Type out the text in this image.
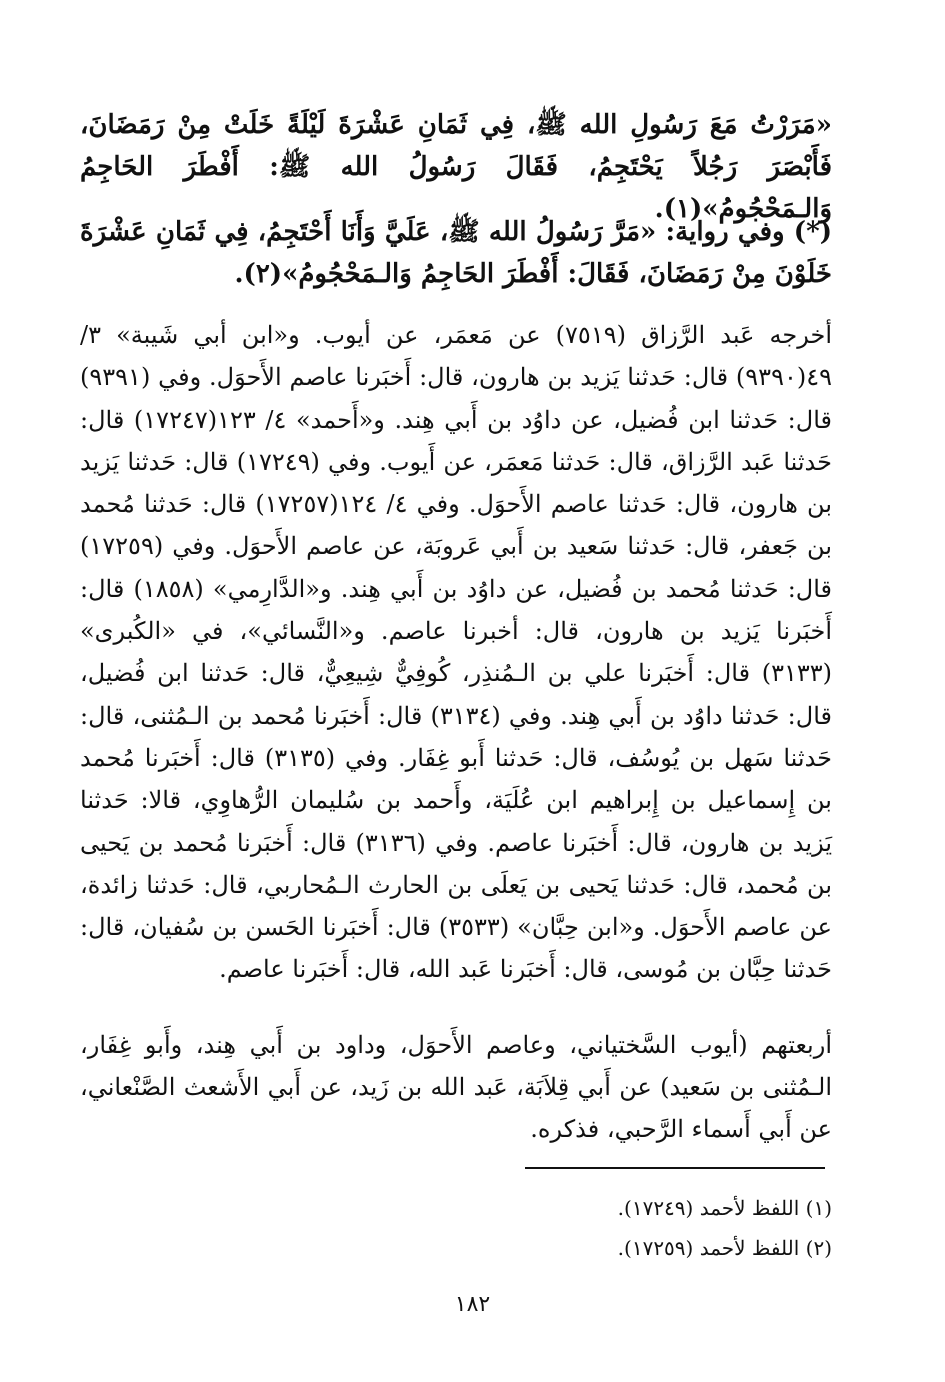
«مَرَرْتُ مَعَ رَسُولِ الله ﷺ، فِي ثَمَانِ عَشْرَةَ لَيْلَةً خَلَتْ مِنْ رَمَضَانَ، فَأَبْصَرَ رَجُلاً يَحْتَجِمُ، فَقَالَ رَسُولُ الله ﷺ: أَفْطَرَ الحَاجِمُ وَالـمَحْجُومُ»(١).

(*) وفي رواية: «مَرَّ رَسُولُ الله ﷺ، عَلَيَّ وَأَنَا أَحْتَجِمُ، فِي ثَمَانِ عَشْرَةَ خَلَوْنَ مِنْ رَمَضَانَ، فَقَالَ: أَفْطَرَ الحَاجِمُ وَالـمَحْجُومُ»(٢).

أخرجه عَبد الرَّزاق (٧٥١٩) عن مَعمَر، عن أيوب. و«ابن أبي شَيبة» ٣/ ٤٩(٩٣٩٠) قال: حَدثنا يَزيد بن هارون، قال: أَخبَرنا عاصم الأَحوَل. وفي (٩٣٩١) قال: حَدثنا ابن فُضيل، عن داوُد بن أَبي هِند. و«أَحمد» ٤/ ١٢٣(١٧٢٤٧) قال: حَدثنا عَبد الرَّزاق، قال: حَدثنا مَعمَر، عن أَيوب. وفي (١٧٢٤٩) قال: حَدثنا يَزيد بن هارون، قال: حَدثنا عاصم الأَحوَل. وفي ٤/ ١٢٤(١٧٢٥٧) قال: حَدثنا مُحمد بن جَعفر، قال: حَدثنا سَعيد بن أَبي عَروبَة، عن عاصم الأَحوَل. وفي (١٧٢٥٩) قال: حَدثنا مُحمد بن فُضيل، عن داوُد بن أَبي هِند. و«الدَّارِمي» (١٨٥٨) قال: أَخبَرنا يَزيد بن هارون، قال: أخبرنا عاصم. و«النَّسائي»، في «الكُبرى» (٣١٣٣) قال: أَخبَرنا علي بن الـمُنذِر، كُوفِيٌّ شِيعِيٌّ، قال: حَدثنا ابن فُضيل، قال: حَدثنا داوُد بن أَبي هِند. وفي (٣١٣٤) قال: أَخبَرنا مُحمد بن الـمُثنى، قال: حَدثنا سَهل بن يُوسُف، قال: حَدثنا أَبو غِفَار. وفي (٣١٣٥) قال: أَخبَرنا مُحمد بن إِسماعيل بن إِبراهيم ابن عُلَيَة، وأَحمد بن سُليمان الرُّهاوِي، قالا: حَدثنا يَزيد بن هارون، قال: أَخبَرنا عاصم. وفي (٣١٣٦) قال: أَخبَرنا مُحمد بن يَحيى بن مُحمد، قال: حَدثنا يَحيى بن يَعلَى بن الحارث الـمُحاربي، قال: حَدثنا زائدة، عن عاصم الأَحوَل. و«ابن حِبَّان» (٣٥٣٣) قال: أَخبَرنا الحَسن بن سُفيان، قال: حَدثنا حِبَّان بن مُوسى، قال: أَخبَرنا عَبد الله، قال: أَخبَرنا عاصم.

أربعتهم (أيوب السَّختياني، وعاصم الأَحوَل، وداود بن أَبي هِند، وأَبو غِفَار، الـمُثنى بن سَعيد) عن أَبي قِلاَبَة، عَبد الله بن زَيد، عن أَبي الأَشعث الصَّنْعاني، عن أَبي أَسماء الرَّحبي، فذكره.

(١) اللفظ لأحمد (١٧٢٤٩).
(٢) اللفظ لأحمد (١٧٢٥٩).
١٨٢
